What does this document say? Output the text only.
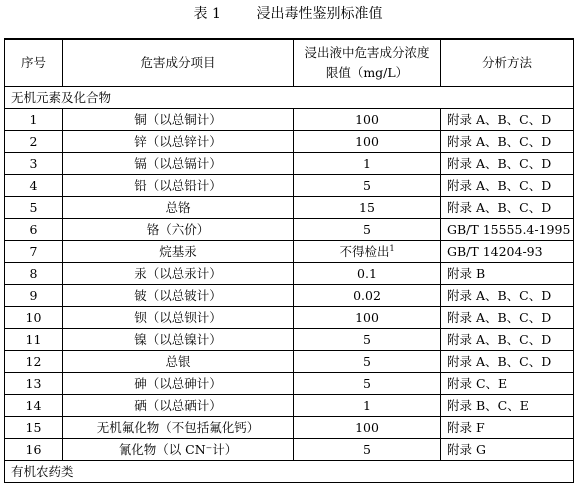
表 1	浸出毒性鉴别标准值
序号	危害成分项目	浸出液中危害成分浓度限值（mg/L）	分析方法
无机元素及化合物			
1	铜（以总铜计）	100	附录 A、B、C、D
2	锌（以总锌计）	100	附录 A、B、C、D
3	镉（以总镉计）	1	附录 A、B、C、D
4	铅（以总铅计）	5	附录 A、B、C、D
5	总铬	15	附录 A、B、C、D
6	铬（六价）	5	GB/T 15555.4-1995
7	烷基汞	不得检出$^1$	GB/T 14204-93
8	汞（以总汞计）	0.1	附录 B
9	铍（以总铍计）	0.02	附录 A、B、C、D
10	钡（以总钡计）	100	附录 A、B、C、D
11	镍（以总镍计）	5	附录 A、B、C、D
12	总银	5	附录 A、B、C、D
13	砷（以总砷计）	5	附录 C、E
14	硒（以总硒计）	1	附录 B、C、E
15	无机氟化物（不包括氟化钙）	100	附录 F
16	氰化物（以 CN⁻计）	5	附录 G
有机农药类			
